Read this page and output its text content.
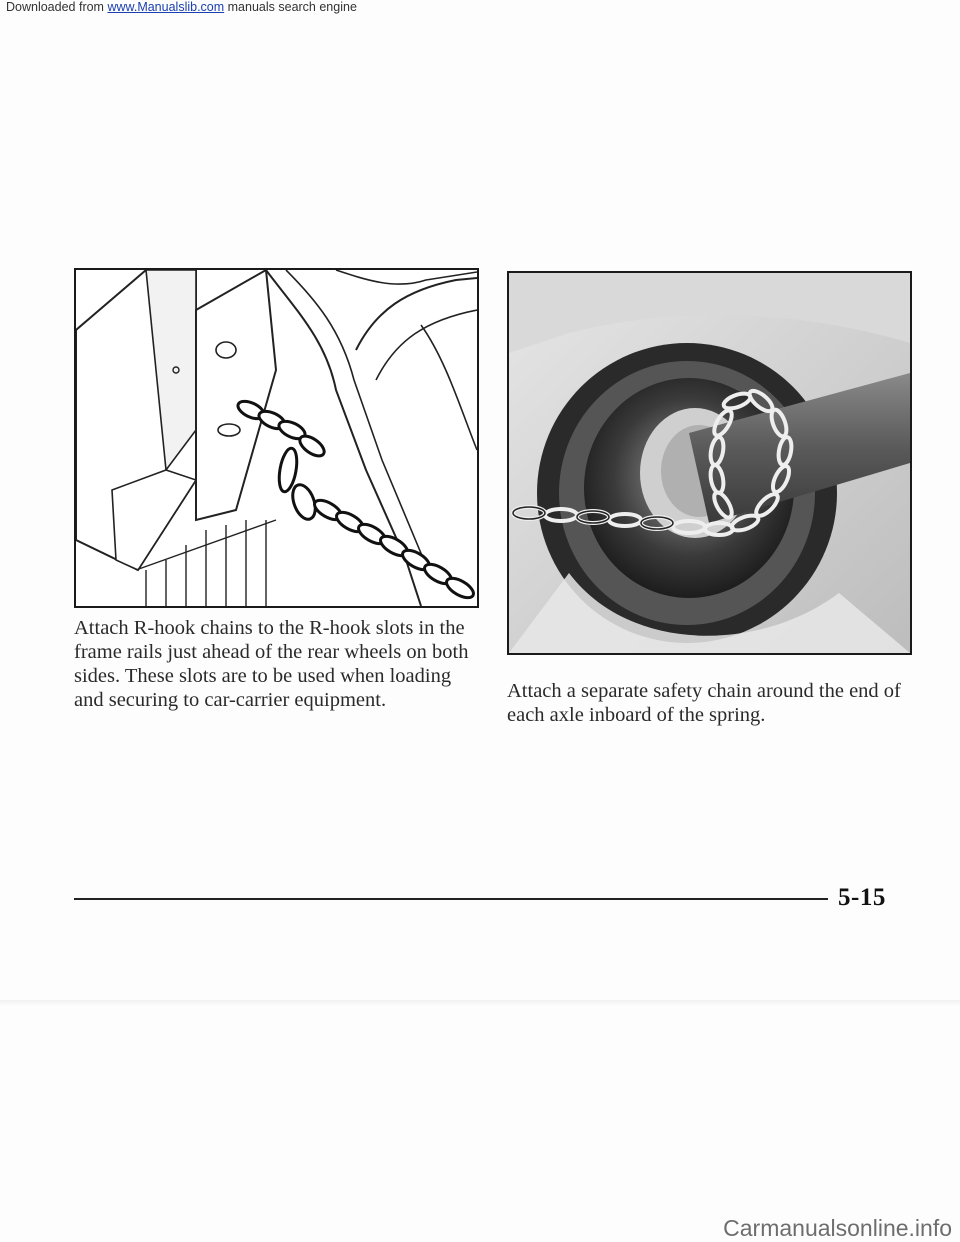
Downloaded from www.Manualslib.com manuals search engine

Attach R-hook chains to the R-hook slots in the frame rails just ahead of the rear wheels on both sides. These slots are to be used when loading and securing to car-carrier equipment.	Attach a separate safety chain around the end of each axle inboard of the spring.

5-15
Carmanualsonline.info
